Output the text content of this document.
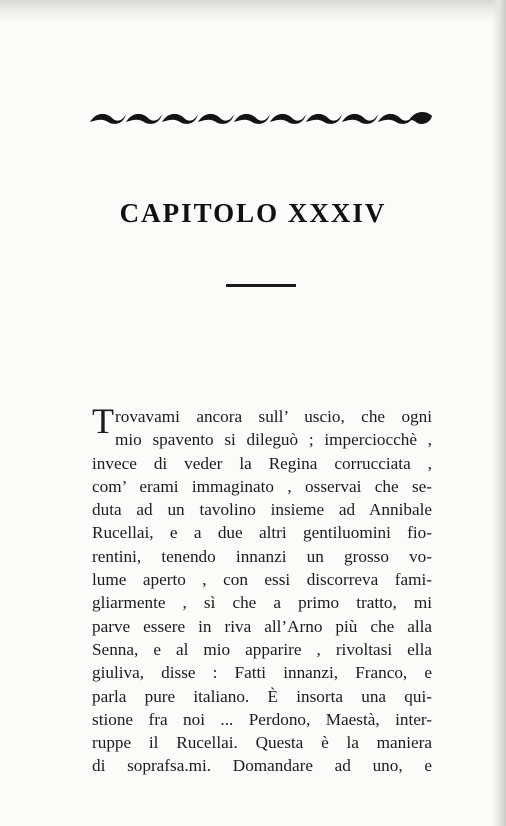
CAPITOLO XXXIV
T rovavami ancora sull’ uscio, che ogni
mio spavento si dileguò ; imperciocchè ,
invece di veder la Regina corrucciata ,
com’ erami immaginato , osservai che se-
duta ad un tavolino insieme ad Annibale
Rucellai, e a due altri gentiluomini fio-
rentini, tenendo innanzi un grosso vo-
lume aperto , con essi discorreva fami-
gliarmente , sì che a primo tratto, mi
parve essere in riva all’Arno più che alla
Senna, e al mio apparire , rivoltasi ella
giuliva, disse : Fatti innanzi, Franco, e
parla pure italiano. È insorta una qui-
stione fra noi ... Perdono, Maestà, inter-
ruppe il Rucellai. Questa è la maniera
di soprafsa.mi. Domandare ad uno, e
